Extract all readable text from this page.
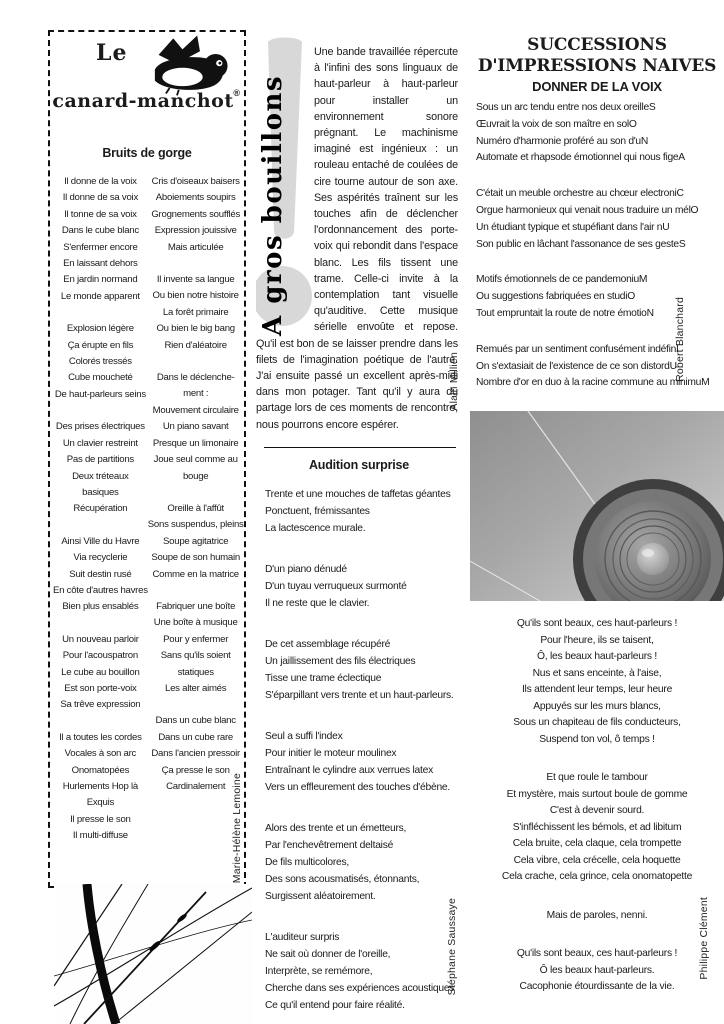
Le
canard-manchot ®
Bruits de gorge
Il donne de la voix
Il donne de sa voix
Il tonne de sa voix
Dans le cube blanc
S'enfermer encore
En laissant dehors
En jardin normand
Le monde apparent
Explosion légère
Ça érupte en fils
Colorés tressés
Cube moucheté
De haut-parleurs seins
Des prises électriques
Un clavier restreint
Pas de partitions
Deux tréteaux
basiques
Récupération
Ainsi Ville du Havre
Via recyclerie
Suit destin rusé
En côte d'autres havres
Bien plus ensablés
Un nouveau parloir
Pour l'acouspatron
Le cube au bouillon
Est son porte-voix
Sa trêve expression
Il a toutes les cordes
Vocales à son arc
Onomatopées
Hurlements Hop là
Exquis
Il presse le son
Il multi-diffuse
Cris d'oiseaux baisers
Aboiements soupirs
Grognements soufflés
Expression jouissive
Mais articulée
Il invente sa langue
Ou bien notre histoire
La forêt primaire
Ou bien le big bang
Rien d'aléatoire
Dans le déclenche-
ment :
Mouvement circulaire
Un piano savant
Presque un limonaire
Joue seul comme au
bouge
Oreille à l'affût
Sons suspendus, pleins
Soupe agitatrice
Soupe de son humain
Comme en la matrice
Fabriquer une boîte
Une boîte à musique
Pour y enfermer
Sans qu'ils soient
statiques
Les alter aimés
Dans un cube blanc
Dans un cube rare
Dans l'ancien pressoir
Ça presse le son
Cardinalement Marie-Hélène Lemoine
A gros bouillons

Une bande travaillée répercute à l'infini des sons linguaux de haut-parleur à haut-parleur pour installer un environnement sonore prégnant. Le machinisme imaginé est ingénieux : un rouleau entaché de coulées de cire tourne autour de son axe. Ses aspérités traînent sur les touches afin de déclencher l'ordonnancement des porte-voix qui rebondit dans l'espace blanc. Les fils tissent une trame. Celle-ci invite à la contemplation tant visuelle qu'auditive. Cette musique sérielle envoûte et repose. Qu'il est bon de se laisser prendre dans les filets de l'imagination poétique de l'autre. J'ai ensuite passé un excellent après-midi dans mon potager. Tant qu'il y aura du partage lors de ces moments de rencontre, nous pourrons encore espérer.

Alain Millien
Audition surprise
Trente et une mouches de taffetas géantes
Ponctuent, frémissantes
La lactescence murale.
D'un piano dénudé
D'un tuyau verruqueux surmonté
Il ne reste que le clavier.
De cet assemblage récupéré
Un jaillissement des fils électriques
Tisse une trame éclectique
S'éparpillant vers trente et un haut-parleurs.
Seul a suffi l'index
Pour initier le moteur moulinex
Entraînant le cylindre aux verrues latex
Vers un effleurement des touches d'ébène.
Alors des trente et un émetteurs,
Par l'enchevêtrement deltaisé
De fils multicolores,
Des sons acousmatisés, étonnants,
Surgissent aléatoirement.
L'auditeur surpris
Ne sait où donner de l'oreille,
Interprète, se remémore,
Cherche dans ses expériences acoustiques
Ce qu'il entend pour faire réalité.
Stéphane Saussaye
SUCCESSIONS
D'IMPRESSIONS NAIVES
DONNER DE LA VOIX
Sous un arc tendu entre nos deux oreilleS
Œuvrait la voix de son maître en solO
Numéro d'harmonie proféré au son d'uN
Automate et rhapsode émotionnel qui nous figeA
C'était un meuble orchestre au chœur electroniC
Orgue harmonieux qui venait nous traduire un mélO
Un étudiant typique et stupéfiant dans l'air nU
Son public en lâchant l'assonance de ses gesteS
Motifs émotionnels de ce pandemoniuM
Ou suggestions fabriquées en studiO
Tout empruntait la route de notre émotioN
Remués par un sentiment confusément indéfinI
On s'extasiait de l'existence de ce son distordU
Nombre d'or en duo à la racine commune au minimuM
Robert Blanchard
Qu'ils sont beaux, ces haut-parleurs !
Pour l'heure, ils se taisent,
Ô, les beaux haut-parleurs !
Nus et sans enceinte, à l'aise,
Ils attendent leur temps, leur heure
Appuyés sur les murs blancs,
Sous un chapiteau de fils conducteurs,
Suspend ton vol, ô temps !
Et que roule le tambour
Et mystère, mais surtout boule de gomme
C'est à devenir sourd.
S'infléchissent les bémols, et ad libitum
Cela bruite, cela claque, cela trompette
Cela vibre, cela crécelle, cela hoquette
Cela crache, cela grince, cela onomatopette
Mais de paroles, nenni.
Qu'ils sont beaux, ces haut-parleurs !
Ô les beaux haut-parleurs.
Cacophonie étourdissante de la vie.
Philippe Clément
